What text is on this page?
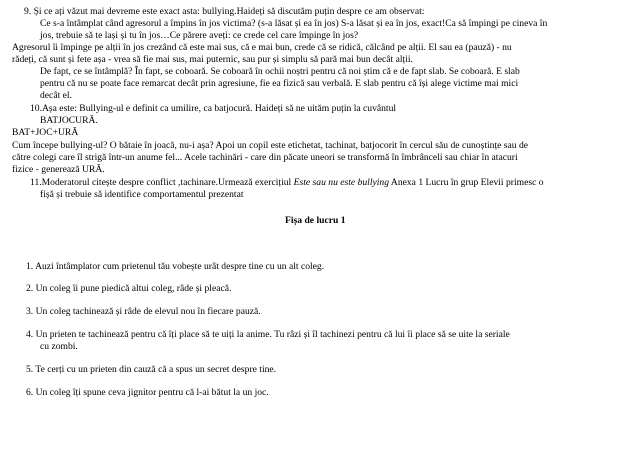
9. Și ce ați văzut mai devreme este exact asta: bullying.Haideți să discutăm puțin despre ce am observat:
Ce s-a întâmplat când agresorul a împins în jos victima? (s-a lăsat și ea în jos) S-a lăsat și ea în jos, exact!Ca să împingi pe cineva în
jos, trebuie să te lași și tu în jos…Ce părere aveți: ce crede cel care împinge în jos?
Agresorul îi împinge pe alții în jos crezând că este mai sus, că e mai bun, crede că se ridică, călcând pe alții. El sau ea (pauză) - nu
rădeți, că sunt și fete așa - vrea să fie mai sus, mai puternic, sau pur și simplu să pară mai bun decât alții.
De fapt, ce se întâmplă? În fapt, se coboară. Se coboară în ochii noștri pentru că noi știm că e de fapt slab. Se coboară. E slab
pentru că nu se poate face remarcat decât prin agresiune, fie ea fizică sau verbală. E slab pentru că își alege victime mai mici
decât el.
10.Așa este: Bullying-ul e definit ca umilire, ca batjocură. Haideți să ne uităm puțin la cuvântul
BATJOCURĂ.
BAT+JOC+URĂ
Cum începe bullying-ul? O bătaie în joacă, nu-i așa? Apoi un copil este etichetat, tachinat, batjocorit în cercul său de cunoștințe sau de
către colegi care îl strigă într-un anume fel... Acele tachinări - care din păcate uneori se transformă în îmbrânceli sau chiar în atacuri
fizice - generează URĂ.
11.Moderatorul citește despre conflict ,tachinare.Urmează exercițiul Este sau nu este bullying Anexa 1 Lucru în grup Elevii primesc o
fișă și trebuie să identifice comportamentul prezentat
Fișa de lucru 1
1. Auzi întâmplator cum prietenul tău vobește urât despre tine cu un alt coleg.
2. Un coleg îi pune piedică altui coleg, râde și pleacă.
3. Un coleg tachinează și râde de elevul nou în fiecare pauză.
4. Un prieten te tachinează pentru că îți place să te uiți la anime. Tu râzi și îl tachinezi pentru că lui îi place să se uite la seriale
cu zombi.
5. Te cerți cu un prieten din cauză că a spus un secret despre tine.
6. Un coleg îți spune ceva jignitor pentru că l-ai bătut la un joc.
